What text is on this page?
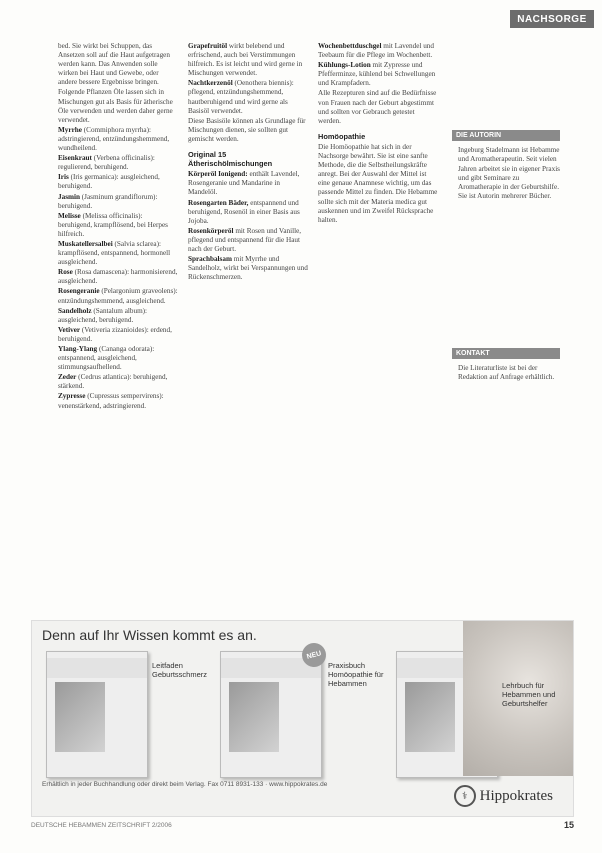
NACHSORGE

bed. Sie wirkt bei Schuppen, das Ansetzen soll auf die Haut aufgetragen werden kann. Das Anwenden solle wirken bei Haut und Gewebe, oder andere bessere Ergebnisse bringen.

Folgende Pflanzen Öle lassen sich in Mischungen gut als Basis für ätherische Öle verwenden und werden daher gerne verwendet.

Myrrhe (Commiphora myrrha): adstringierend, entzündungshemmend, wundheilend.

Eisenkraut (Verbena officinalis): regulierend, beruhigend.

Iris (Iris germanica): ausgleichend, beruhigend.

Jasmin (Jasminum grandiflorum): beruhigend.

Melisse (Melissa officinalis): beruhigend, krampflösend, bei Herpes hilfreich.

Muskatellersalbei (Salvia sclarea): krampflösend, entspannend, hormonell ausgleichend.

Rose (Rosa damascena): harmonisierend, ausgleichend.

Rosengeranie (Pelargonium graveolens): entzündungshemmend, ausgleichend.

Sandelholz (Santalum album): ausgleichend, beruhigend.

Vetiver (Vetiveria zizanioides): erdend, beruhigend.

Ylang-Ylang (Cananga odorata): entspannend, ausgleichend, stimmungsaufhellend.

Zeder (Cedrus atlantica): beruhigend, stärkend.

Zypresse (Cupressus sempervirens): venenstärkend, adstringierend.

Grapefruitöl wirkt belebend und erfrischend, auch bei Verstimmungen hilfreich. Es ist leicht und wird gerne in Mischungen verwendet.

Nachtkerzenöl (Oenothera biennis): pflegend, entzündungshemmend, hautberuhigend und wird gerne als Basisöl verwendet.

Diese Basisöle können als Grundlage für Mischungen dienen, sie sollten gut gemischt werden.

Original 15 Ätherischölmischungen

Körperöl Ionigend: enthält Lavendel, Rosengeranie und Mandarine in Mandelöl.

Rosengarten Bäder, entspannend und beruhigend, Rosenöl in einer Basis aus Jojoba.

Rosenkörperöl mit Rosen und Vanille, pflegend und entspannend für die Haut nach der Geburt.

Sprachbalsam mit Myrrhe und Sandelholz, wirkt bei Verspannungen und Rückenschmerzen.

Wochenbettduschgel mit Lavendel und Teebaum für die Pflege im Wochenbett.

Kühlungs-Lotion mit Zypresse und Pfefferminze, kühlend bei Schwellungen und Krampfadern.

Alle Rezepturen sind auf die Bedürfnisse von Frauen nach der Geburt abgestimmt und sollten vor Gebrauch getestet werden.

Homöopathie

Die Homöopathie hat sich in der Nachsorge bewährt. Sie ist eine sanfte Methode, die die Selbstheilungskräfte anregt. Bei der Auswahl der Mittel ist eine genaue Anamnese wichtig, um das passende Mittel zu finden. Die Hebamme sollte sich mit der Materia medica gut auskennen und im Zweifel Rücksprache halten.

DIE AUTORIN
Ingeburg Stadelmann ist Hebamme und Aromatherapeutin. Seit vielen Jahren arbeitet sie in eigener Praxis und gibt Seminare zu Aromatherapie in der Geburtshilfe. Sie ist Autorin mehrerer Bücher.
KONTAKT
Die Literaturliste ist bei der Redaktion auf Anfrage erhältlich.
Denn auf Ihr Wissen kommt es an.
Leitfaden Geburtsschmerz
NEU
Praxisbuch Homöopathie für Hebammen	Lehrbuch für Hebammen und Geburtshelfer
Erhältlich in jeder Buchhandlung oder direkt beim Verlag. Fax 0711 8931-133 · www.hippokrates.de
⚕ Hippokrates
DEUTSCHE HEBAMMEN ZEITSCHRIFT 2/2006	15
